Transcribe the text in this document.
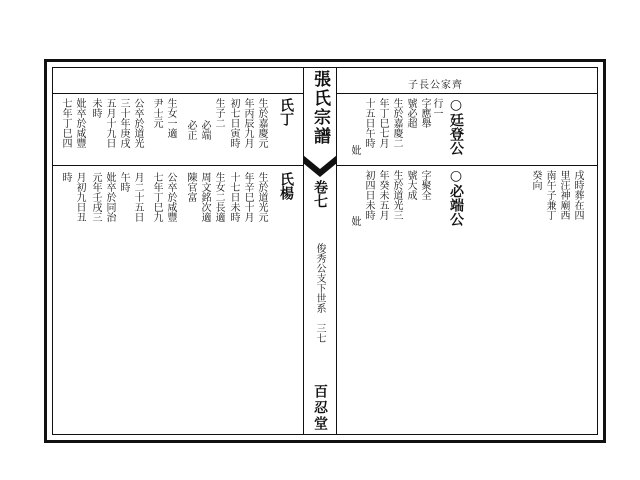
張氏宗譜
卷七
俊秀公支下世系　三七
百忍堂
子長公家齊
○廷登公
行一
字應舉
號必超
生於嘉慶二
年丁巳七月
十五日午時
妣
○必端公
字聚全
號大成
生於道光三
年癸未五月
初四日未時
妣
戌時葬在四
里汪神廟西
南午子兼丁
癸向
氏丁
生於嘉慶元
年丙辰九月
初七日寅時
生子二
必端
必正
生女一適
尹士元
公卒於道光
三十年庚戌
五月十九日
未時
妣卒於咸豐
七年丁巳四
氏楊
生於道光元
年辛巳十月
十七日未時
生女二長適
周文銘次適
陳官富
公卒於咸豐
七年丁巳九
月二十五日
午時
妣卒於同治
元年壬戌三
月初九日丑
時
